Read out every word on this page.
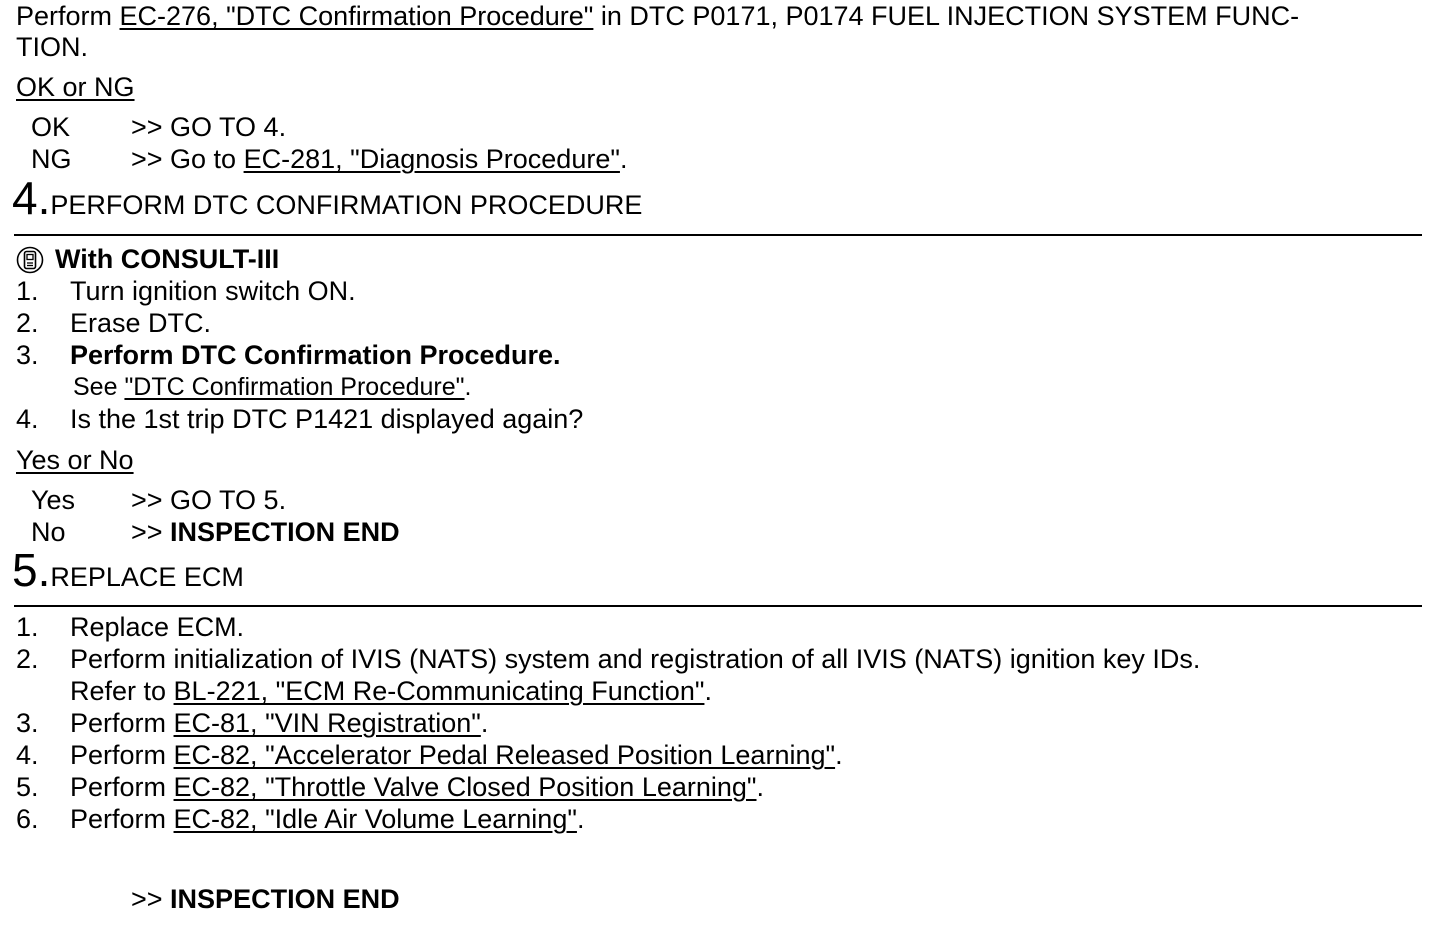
Perform EC-276, "DTC Confirmation Procedure" in DTC P0171, P0174 FUEL INJECTION SYSTEM FUNC-
TION.
OK or NG
OK >> GO TO 4.
NG >> Go to EC-281, "Diagnosis Procedure".
4.PERFORM DTC CONFIRMATION PROCEDURE
With CONSULT-III
1. Turn ignition switch ON.
2. Erase DTC.
3. Perform DTC Confirmation Procedure.
See "DTC Confirmation Procedure".
4. Is the 1st trip DTC P1421 displayed again?
Yes or No
Yes >> GO TO 5.
No >> INSPECTION END
5.REPLACE ECM
1. Replace ECM.
2. Perform initialization of IVIS (NATS) system and registration of all IVIS (NATS) ignition key IDs.
Refer to BL-221, "ECM Re-Communicating Function".
3. Perform EC-81, "VIN Registration".
4. Perform EC-82, "Accelerator Pedal Released Position Learning".
5. Perform EC-82, "Throttle Valve Closed Position Learning".
6. Perform EC-82, "Idle Air Volume Learning".
>> INSPECTION END
